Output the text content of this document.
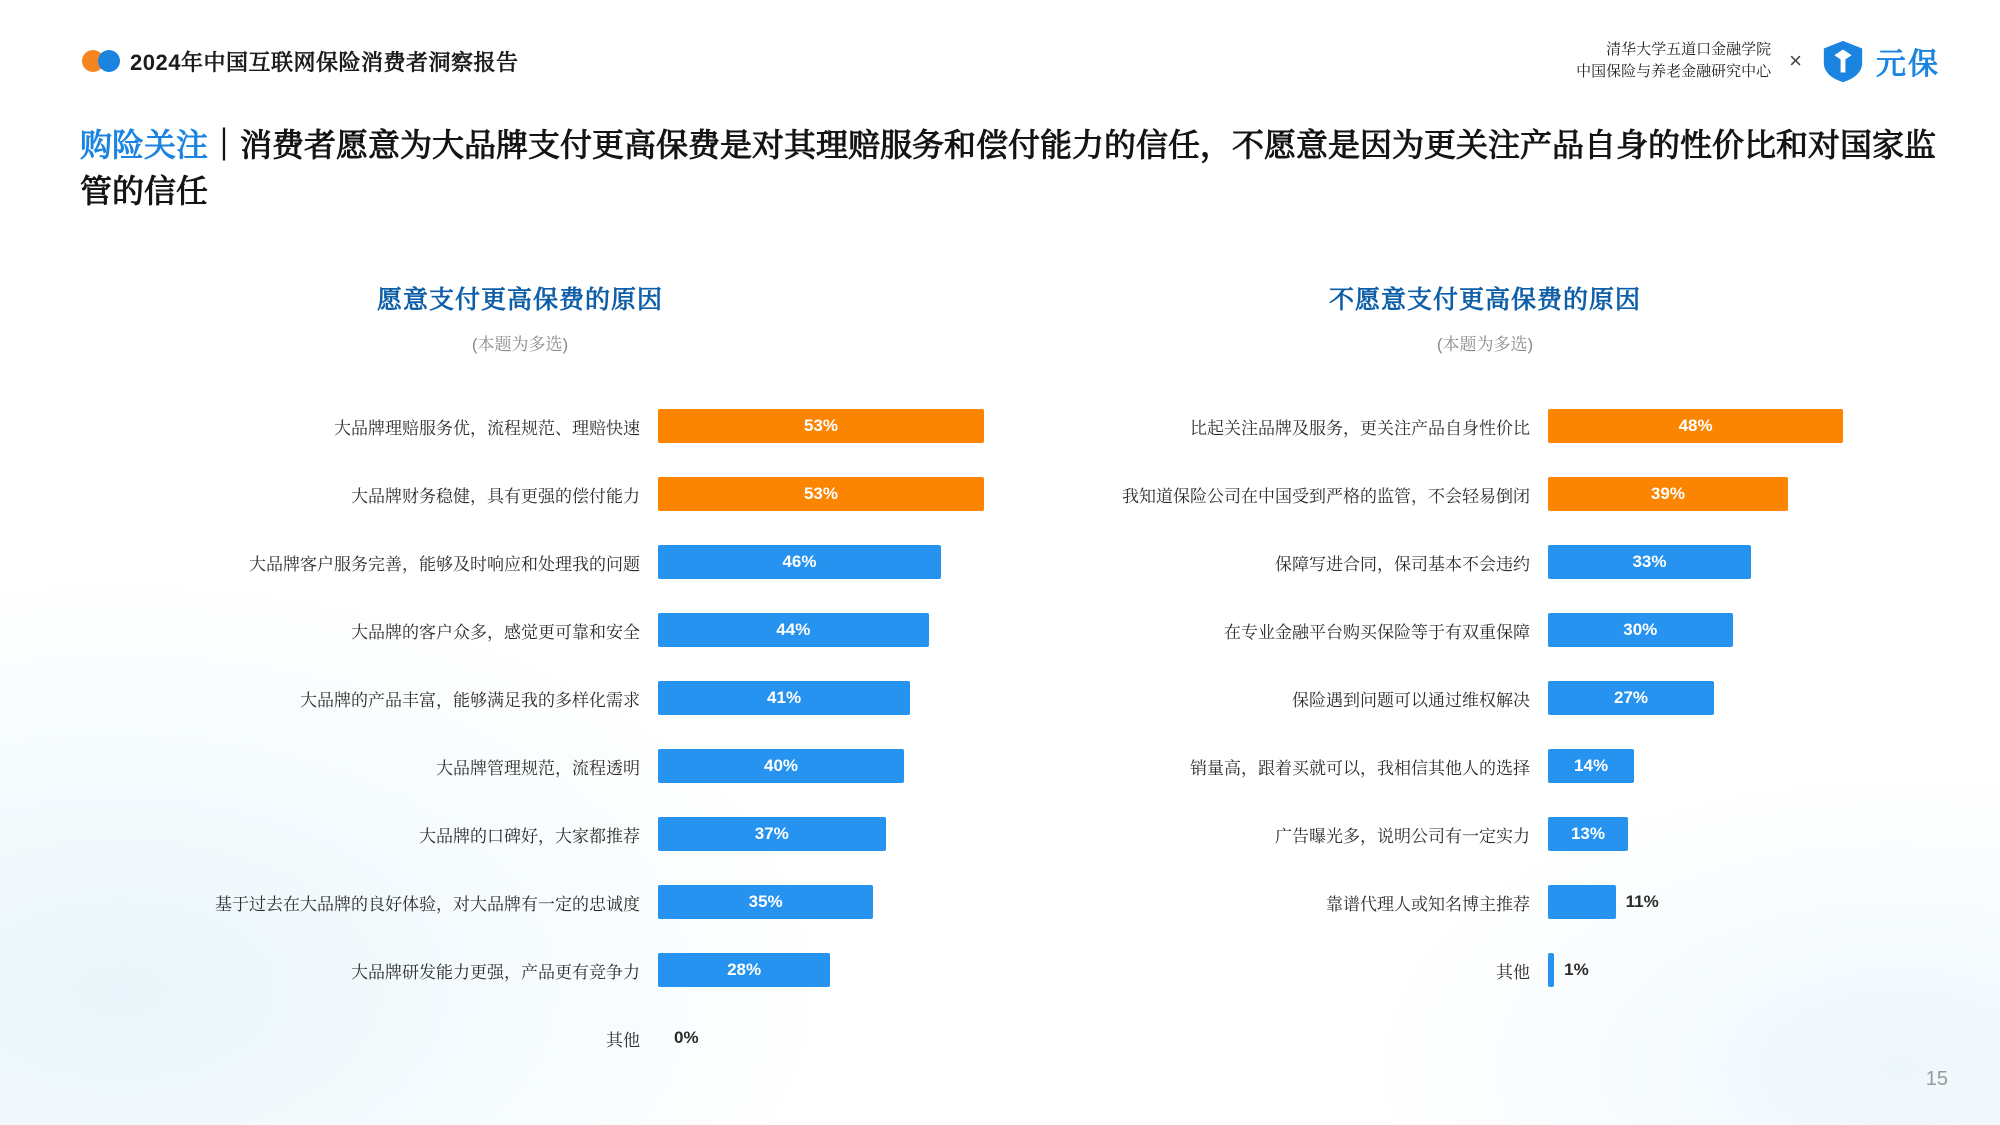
2024年中国互联网保险消费者洞察报告
清华大学五道口金融学院
中国保险与养老金融研究中心 × 元保
购险关注｜消费者愿意为大品牌支付更高保费是对其理赔服务和偿付能力的信任，不愿意是因为更关注产品自身的性价比和对国家监管的信任
愿意支付更高保费的原因
(本题为多选)
大品牌理赔服务优，流程规范、理赔快速	53%
大品牌财务稳健，具有更强的偿付能力	53%
大品牌客户服务完善，能够及时响应和处理我的问题	46%
大品牌的客户众多，感觉更可靠和安全	44%
大品牌的产品丰富，能够满足我的多样化需求	41%
大品牌管理规范，流程透明	40%
大品牌的口碑好，大家都推荐	37%
基于过去在大品牌的良好体验，对大品牌有一定的忠诚度	35%
大品牌研发能力更强，产品更有竞争力	28%
其他	0%
不愿意支付更高保费的原因
(本题为多选)
比起关注品牌及服务，更关注产品自身性价比	48%
我知道保险公司在中国受到严格的监管，不会轻易倒闭	39%
保障写进合同，保司基本不会违约	33%
在专业金融平台购买保险等于有双重保障	30%
保险遇到问题可以通过维权解决	27%
销量高，跟着买就可以，我相信其他人的选择	14%
广告曝光多，说明公司有一定实力	13%
靠谱代理人或知名博主推荐	11%
其他	1%
15
